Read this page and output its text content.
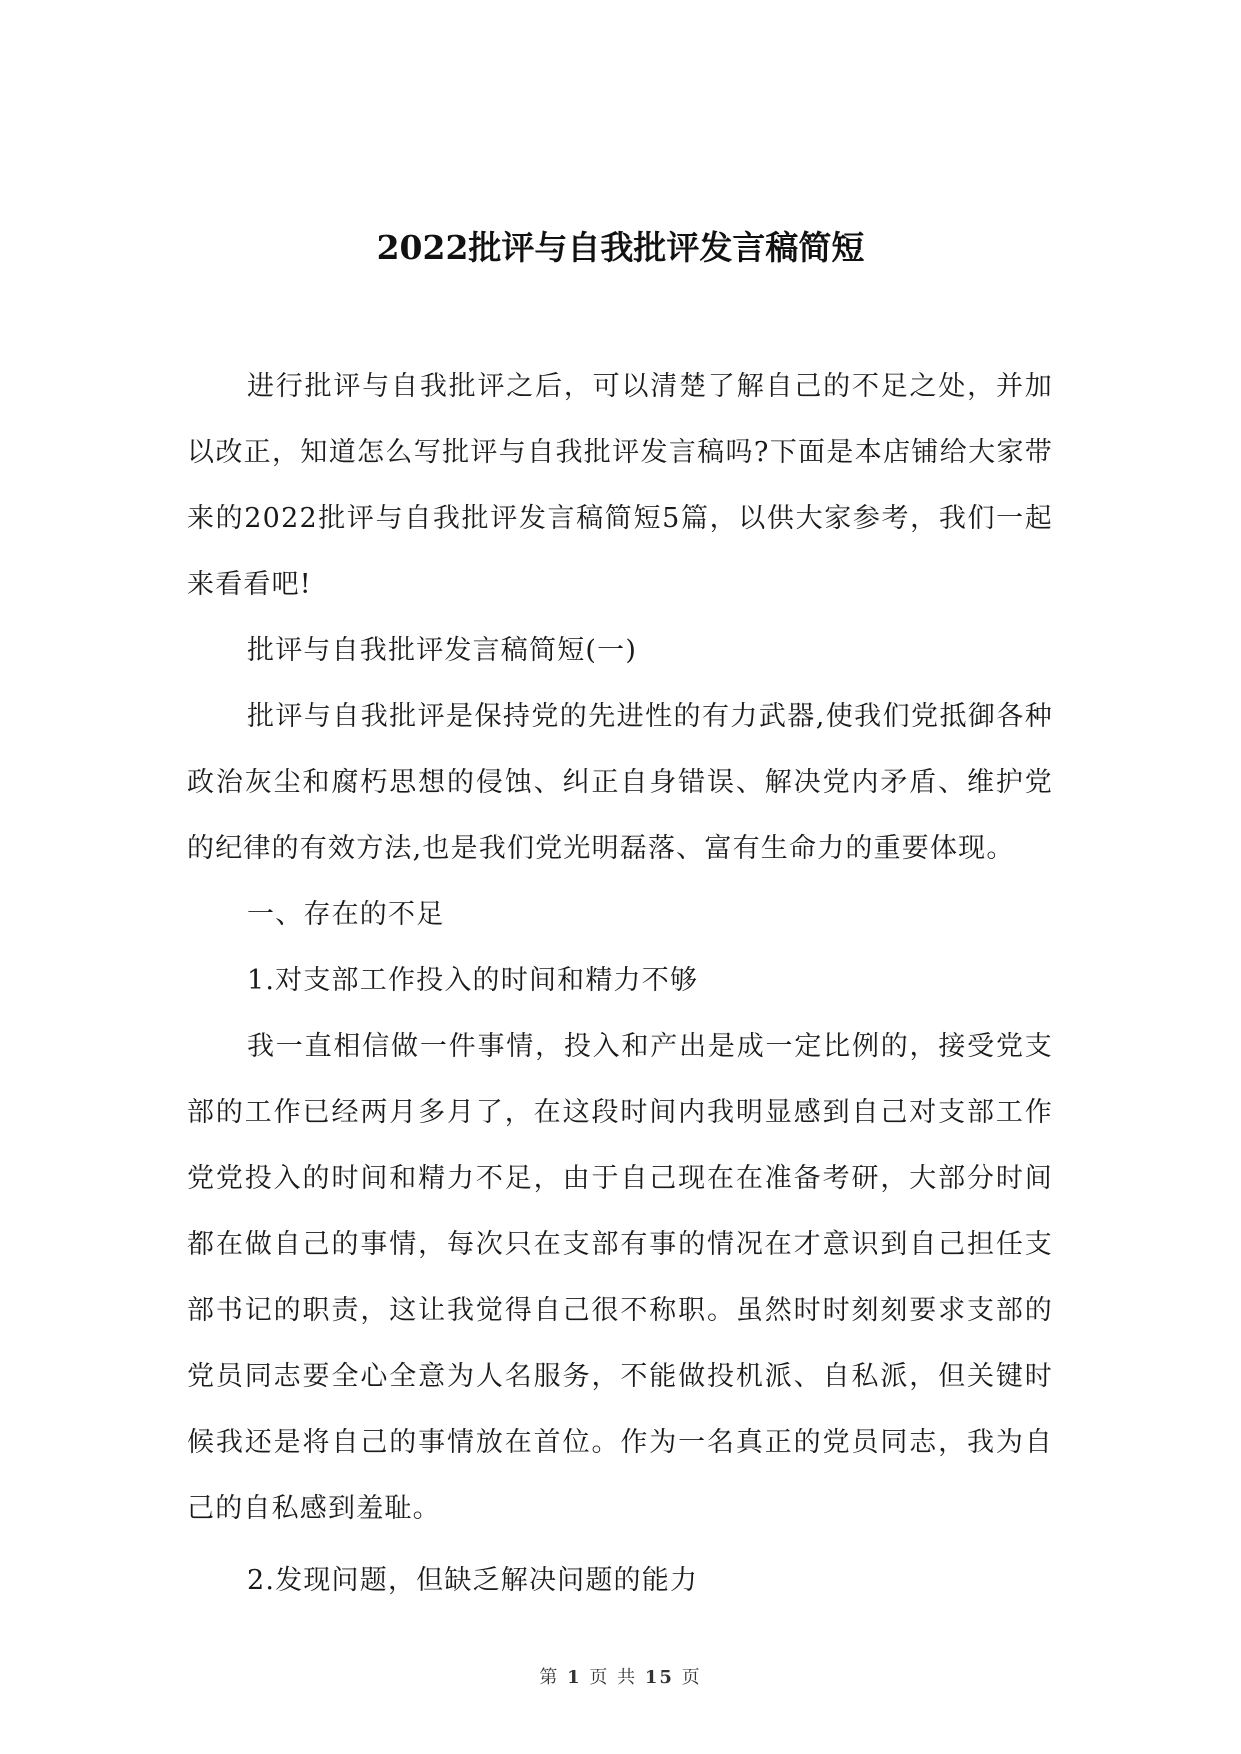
2022批评与自我批评发言稿简短

进行批评与自我批评之后，可以清楚了解自己的不足之处，并加以改正，知道怎么写批评与自我批评发言稿吗?下面是本店铺给大家带来的2022批评与自我批评发言稿简短5篇，以供大家参考，我们一起来看看吧!

批评与自我批评发言稿简短(一)

批评与自我批评是保持党的先进性的有力武器,使我们党抵御各种政治灰尘和腐朽思想的侵蚀、纠正自身错误、解决党内矛盾、维护党的纪律的有效方法,也是我们党光明磊落、富有生命力的重要体现。

一、存在的不足

1.对支部工作投入的时间和精力不够

我一直相信做一件事情，投入和产出是成一定比例的，接受党支部的工作已经两月多月了，在这段时间内我明显感到自己对支部工作党党投入的时间和精力不足，由于自己现在在准备考研，大部分时间都在做自己的事情，每次只在支部有事的情况在才意识到自己担任支部书记的职责，这让我觉得自己很不称职。虽然时时刻刻要求支部的党员同志要全心全意为人名服务，不能做投机派、自私派，但关键时候我还是将自己的事情放在首位。作为一名真正的党员同志，我为自己的自私感到羞耻。

2.发现问题，但缺乏解决问题的能力

第 1 页 共 15 页
